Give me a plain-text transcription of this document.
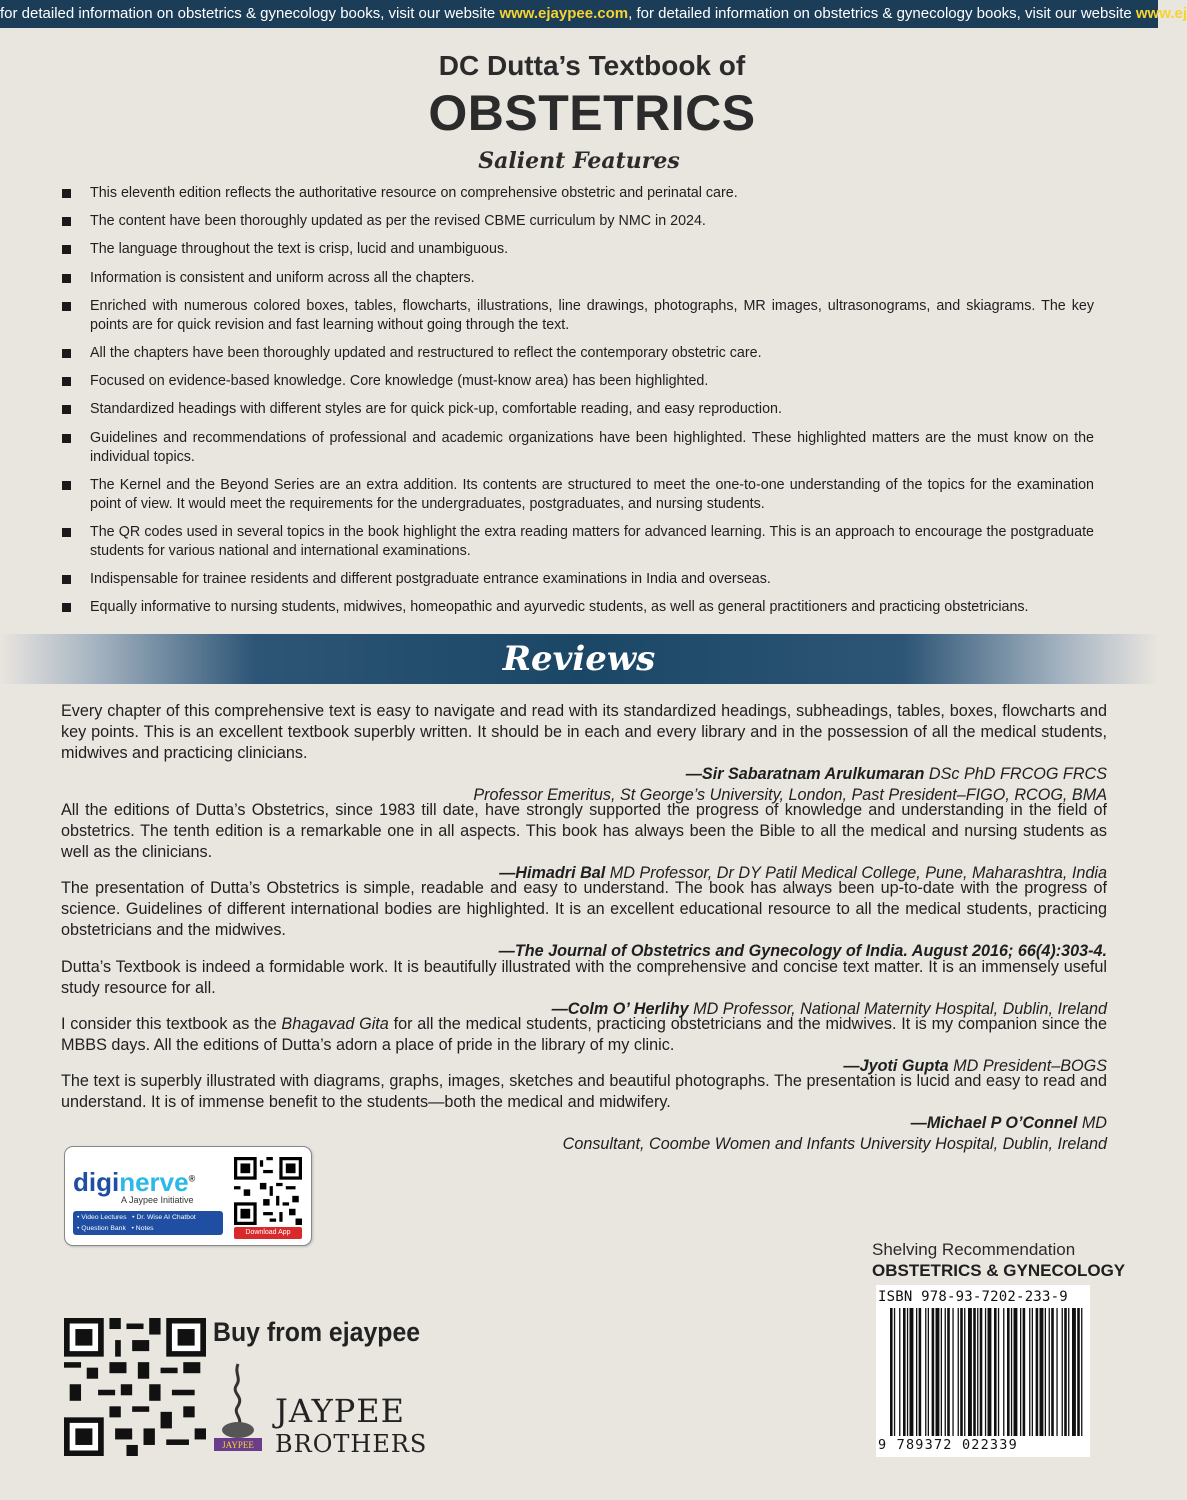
for detailed information on obstetrics & gynecology books, visit our website www.ejaypee.com, for detailed information on obstetrics & gynecology books, visit our website www.ej
DC Dutta’s Textbook of
OBSTETRICS
Salient Features
This eleventh edition reflects the authoritative resource on comprehensive obstetric and perinatal care.
The content have been thoroughly updated as per the revised CBME curriculum by NMC in 2024.
The language throughout the text is crisp, lucid and unambiguous.
Information is consistent and uniform across all the chapters.
Enriched with numerous colored boxes, tables, flowcharts, illustrations, line drawings, photographs, MR images, ultrasonograms, and skiagrams. The key points are for quick revision and fast learning without going through the text.
All the chapters have been thoroughly updated and restructured to reflect the contemporary obstetric care.
Focused on evidence-based knowledge. Core knowledge (must-know area) has been highlighted.
Standardized headings with different styles are for quick pick-up, comfortable reading, and easy reproduction.
Guidelines and recommendations of professional and academic organizations have been highlighted. These highlighted matters are the must know on the individual topics.
The Kernel and the Beyond Series are an extra addition. Its contents are structured to meet the one-to-one understanding of the topics for the examination point of view. It would meet the requirements for the undergraduates, postgraduates, and nursing students.
The QR codes used in several topics in the book highlight the extra reading matters for advanced learning. This is an approach to encourage the postgraduate students for various national and international examinations.
Indispensable for trainee residents and different postgraduate entrance examinations in India and overseas.
Equally informative to nursing students, midwives, homeopathic and ayurvedic students, as well as general practitioners and practicing obstetricians.
Reviews
Every chapter of this comprehensive text is easy to navigate and read with its standardized headings, subheadings, tables, boxes, flowcharts and key points. This is an excellent textbook superbly written. It should be in each and every library and in the possession of all the medical students, midwives and practicing clinicians.
—Sir Sabaratnam Arulkumaran DSc PhD FRCOG FRCS
Professor Emeritus, St George’s University, London, Past President–FIGO, RCOG, BMA
All the editions of Dutta’s Obstetrics, since 1983 till date, have strongly supported the progress of knowledge and understanding in the field of obstetrics. The tenth edition is a remarkable one in all aspects. This book has always been the Bible to all the medical and nursing students as well as the clinicians.
—Himadri Bal MD Professor, Dr DY Patil Medical College, Pune, Maharashtra, India
The presentation of Dutta’s Obstetrics is simple, readable and easy to understand. The book has always been up-to-date with the progress of science. Guidelines of different international bodies are highlighted. It is an excellent educational resource to all the medical students, practicing obstetricians and the midwives.
—The Journal of Obstetrics and Gynecology of India. August 2016; 66(4):303-4.
Dutta’s Textbook is indeed a formidable work. It is beautifully illustrated with the comprehensive and concise text matter. It is an immensely useful study resource for all.
—Colm O’ Herlihy MD Professor, National Maternity Hospital, Dublin, Ireland
I consider this textbook as the Bhagavad Gita for all the medical students, practicing obstetricians and the midwives. It is my companion since the MBBS days. All the editions of Dutta’s adorn a place of pride in the library of my clinic.
—Jyoti Gupta MD President–BOGS
The text is superbly illustrated with diagrams, graphs, images, sketches and beautiful photographs. The presentation is lucid and easy to read and understand. It is of immense benefit to the students—both the medical and midwifery.
—Michael P O’Connel MD
Consultant, Coombe Women and Infants University Hospital, Dublin, Ireland
diginerve®
A Jaypee Initiative
• Video Lectures • Dr. Wise AI Chatbot
• Question Bank • Notes
Download App
Shelving Recommendation
OBSTETRICS & GYNECOLOGY
ISBN 978-93-7202-233-9
9 789372 022339
Buy from ejaypee
JAYPEE
JAYPEE
BROTHERS
